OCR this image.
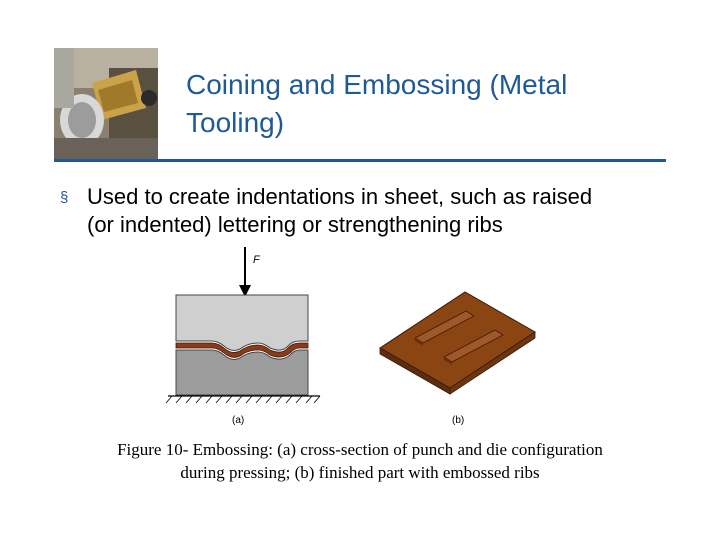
Coining and Embossing (Metal
Tooling)
§ Used to create indentations in sheet, such as raised
(or indented) lettering or strengthening ribs
F
(a)	(b)
Figure 10‐ Embossing: (a) cross‐section of punch and die configuration
during pressing; (b) finished part with embossed ribs
